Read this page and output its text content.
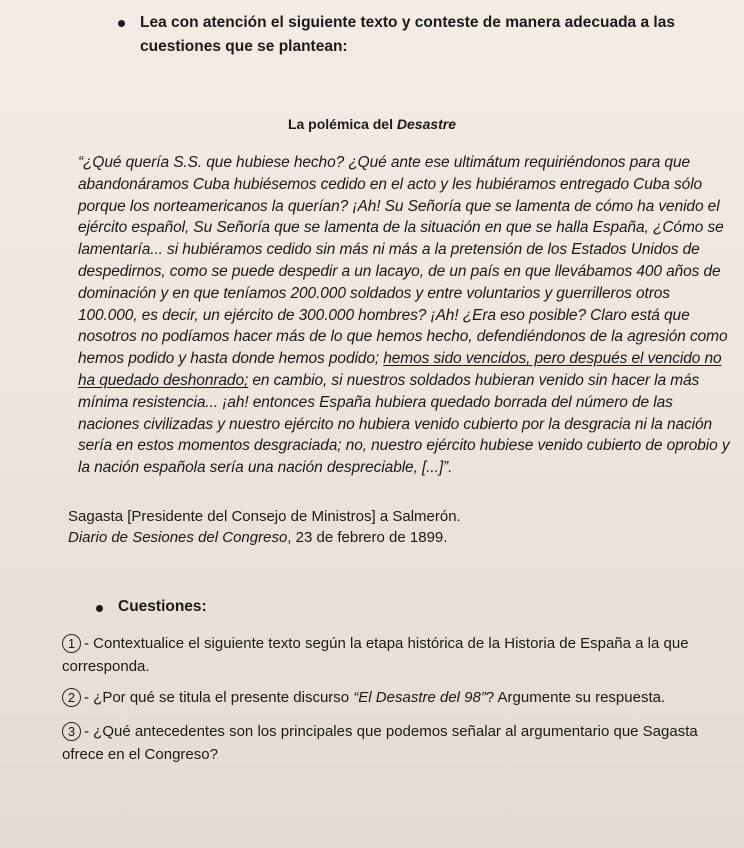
Lea con atención el siguiente texto y conteste de manera adecuada a las cuestiones que se plantean:
La polémica del Desastre
“¿Qué quería S.S. que hubiese hecho? ¿Qué ante ese ultimátum requiriéndonos para que
abandonáramos Cuba hubiésemos cedido en el acto y les hubiéramos entregado Cuba sólo
porque los norteamericanos la querían? ¡Ah! Su Señoría que se lamenta de cómo ha venido el
ejército español, Su Señoría que se lamenta de la situación en que se halla España, ¿Cómo se
lamentaría... si hubiéramos cedido sin más ni más a la pretensión de los Estados Unidos de
despedirnos, como se puede despedir a un lacayo, de un país en que llevábamos 400 años de
dominación y en que teníamos 200.000 soldados y entre voluntarios y guerrilleros otros
100.000, es decir, un ejército de 300.000 hombres? ¡Ah! ¿Era eso posible? Claro está que
nosotros no podíamos hacer más de lo que hemos hecho, defendiéndonos de la agresión como
hemos podido y hasta donde hemos podido; hemos sido vencidos, pero después el vencido no
ha quedado deshonrado; en cambio, si nuestros soldados hubieran venido sin hacer la más
mínima resistencia... ¡ah! entonces España hubiera quedado borrada del número de las
naciones civilizadas y nuestro ejército no hubiera venido cubierto por la desgracia ni la nación
sería en estos momentos desgraciada; no, nuestro ejército hubiese venido cubierto de oprobio y
la nación española sería una nación despreciable, [...]”.
Sagasta [Presidente del Consejo de Ministros] a Salmerón.
Diario de Sesiones del Congreso, 23 de febrero de 1899.
Cuestiones:
1 - Contextualice el siguiente texto según la etapa histórica de la Historia de España a la que
corresponda.
2 - ¿Por qué se titula el presente discurso “El Desastre del 98”? Argumente su respuesta.
3 - ¿Qué antecedentes son los principales que podemos señalar al argumentario que Sagasta
ofrece en el Congreso?
